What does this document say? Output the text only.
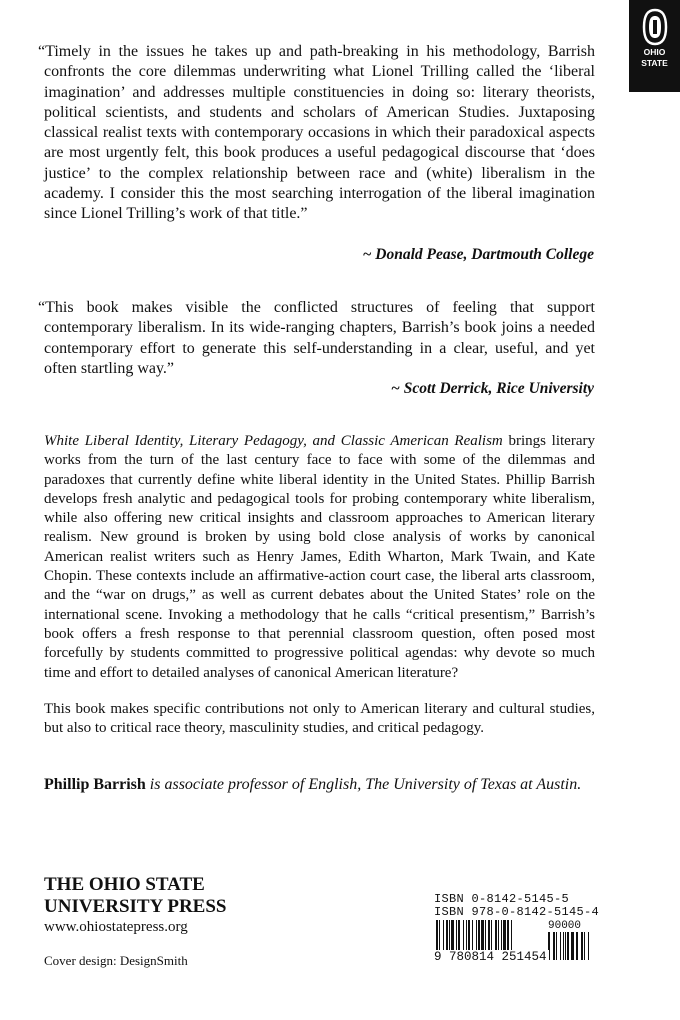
OHIO
STATE
“Timely in the issues he takes up and path-breaking in his methodology, Barrish confronts the core dilemmas underwriting what Lionel Trilling called the ‘liberal imagination’ and addresses multiple constituencies in doing so: literary theorists, political scientists, and students and scholars of American Studies. Juxtaposing classical realist texts with contemporary occasions in which their paradoxical aspects are most urgently felt, this book produces a useful pedagogical discourse that ‘does justice’ to the complex relationship between race and (white) liberalism in the academy. I consider this the most searching interrogation of the liberal imagination since Lionel Trilling’s work of that title.”
~ Donald Pease, Dartmouth College
“This book makes visible the conflicted structures of feeling that support contemporary liberalism. In its wide-ranging chapters, Barrish’s book joins a needed contemporary effort to generate this self-understanding in a clear, useful, and yet often startling way.”
~ Scott Derrick, Rice University
White Liberal Identity, Literary Pedagogy, and Classic American Realism brings literary works from the turn of the last century face to face with some of the dilemmas and paradoxes that currently define white liberal identity in the United States. Phillip Barrish develops fresh analytic and pedagogical tools for probing contemporary white liberalism, while also offering new critical insights and classroom approaches to American literary realism. New ground is broken by using bold close analysis of works by canonical American realist writers such as Henry James, Edith Wharton, Mark Twain, and Kate Chopin. These contexts include an affirmative-action court case, the liberal arts classroom, and the “war on drugs,” as well as current debates about the United States’ role on the international scene. Invoking a methodology that he calls “critical presentism,” Barrish’s book offers a fresh response to that perennial classroom question, often posed most forcefully by students committed to progressive political agendas: why devote so much time and effort to detailed analyses of canonical American literature?
This book makes specific contributions not only to American literary and cultural studies, but also to critical race theory, masculinity studies, and critical pedagogy.
Phillip Barrish is associate professor of English, The University of Texas at Austin.
THE OHIO STATE
UNIVERSITY PRESS
www.ohiostatepress.org
Cover design: DesignSmith
ISBN 0-8142-5145-5
ISBN 978-0-8142-5145-4
90000
9 780814 251454
